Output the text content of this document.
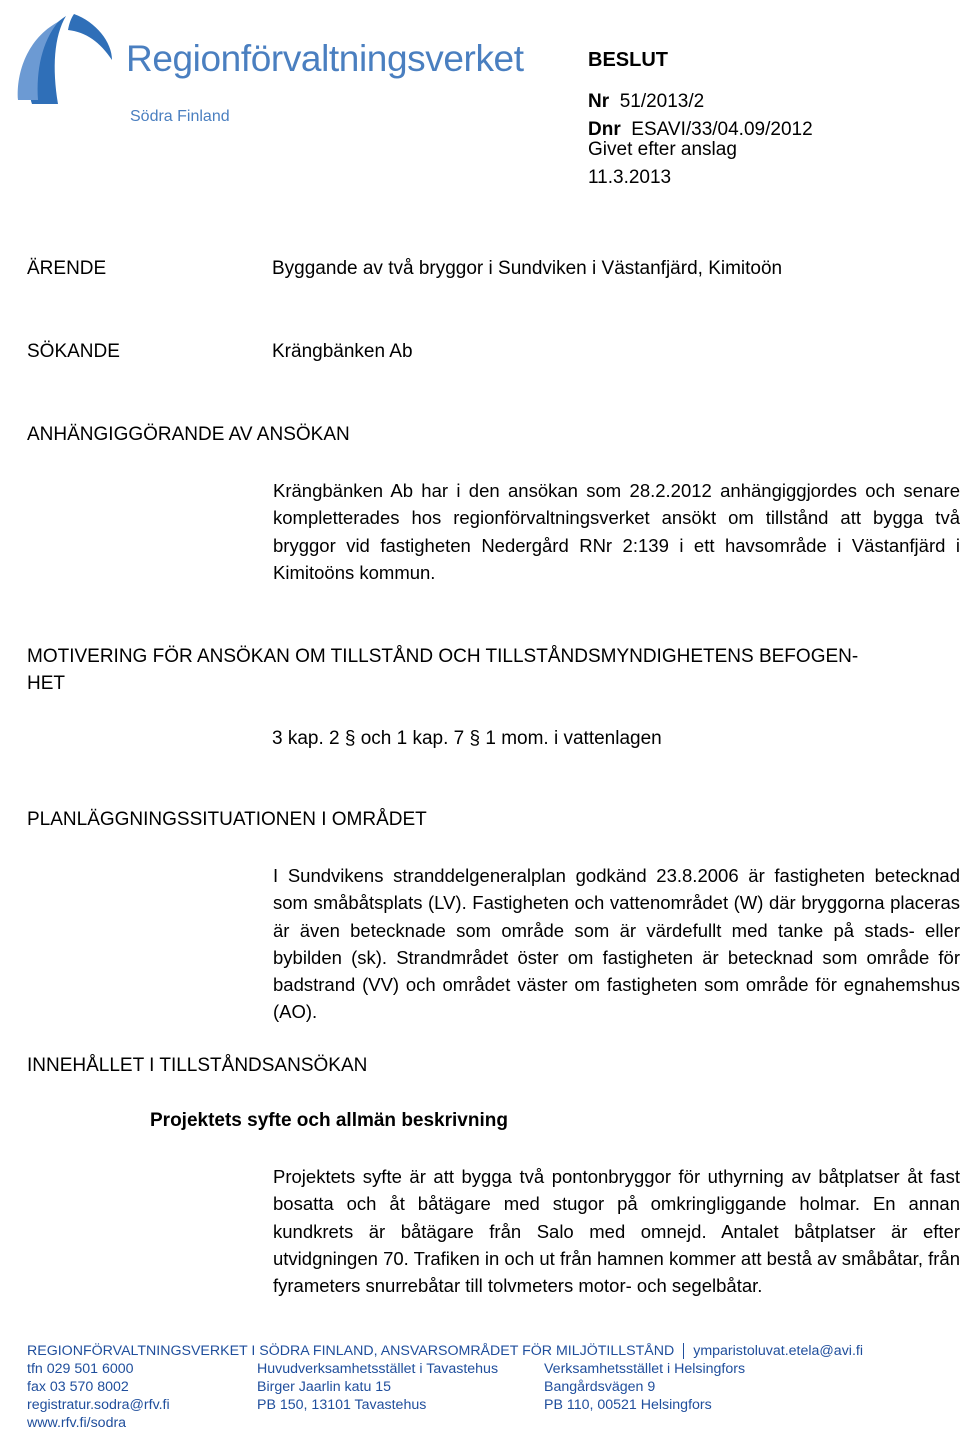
Regionförvaltningsverket
Södra Finland
BESLUT
Nr 51/2013/2
Dnr ESAVI/33/04.09/2012
Givet efter anslag
11.3.2013
ÄRENDE	Byggande av två bryggor i Sundviken i Västanfjärd, Kimitoön
SÖKANDE	Krängbänken Ab
ANHÄNGIGGÖRANDE AV ANSÖKAN
Krängbänken Ab har i den ansökan som 28.2.2012 anhängiggjordes och senare kompletterades hos regionförvaltningsverket ansökt om tillstånd att bygga två bryggor vid fastigheten Nedergård RNr 2:139 i ett havsområde i Västanfjärd i Kimitoöns kommun.
MOTIVERING FÖR ANSÖKAN OM TILLSTÅND OCH TILLSTÅNDSMYNDIGHETENS BEFOGEN-
HET
3 kap. 2 § och 1 kap. 7 § 1 mom. i vattenlagen
PLANLÄGGNINGSSITUATIONEN I OMRÅDET
I Sundvikens stranddelgeneralplan godkänd 23.8.2006 är fastigheten betecknad som småbåtsplats (LV). Fastigheten och vattenområdet (W) där bryggorna placeras är även betecknade som område som är värdefullt med tanke på stads- eller bybilden (sk). Strandmrådet öster om fastigheten är betecknad som område för badstrand (VV) och området väster om fastigheten som område för egnahemshus (AO).
INNEHÅLLET I TILLSTÅNDSANSÖKAN
Projektets syfte och allmän beskrivning
Projektets syfte är att bygga två pontonbryggor för uthyrning av båtplatser åt fast bosatta och åt båtägare med stugor på omkringliggande holmar. En annan kundkrets är båtägare från Salo med omnejd. Antalet båtplatser är efter utvidgningen 70. Trafiken in och ut från hamnen kommer att bestå av småbåtar, från fyrameters snurrebåtar till tolvmeters motor- och segelbåtar.
REGIONFÖRVALTNINGSVERKET I SÖDRA FINLAND, ANSVARSOMRÅDET FÖR MILJÖTILLSTÅND ymparistoluvat.etela@avi.fi
tfn 029 501 6000
fax 03 570 8002
registratur.sodra@rfv.fi
www.rfv.fi/sodra
Huvudverksamhetsstället i Tavastehus
Birger Jaarlin katu 15
PB 150, 13101 Tavastehus
Verksamhetsstället i Helsingfors
Bangårdsvägen 9
PB 110, 00521 Helsingfors
